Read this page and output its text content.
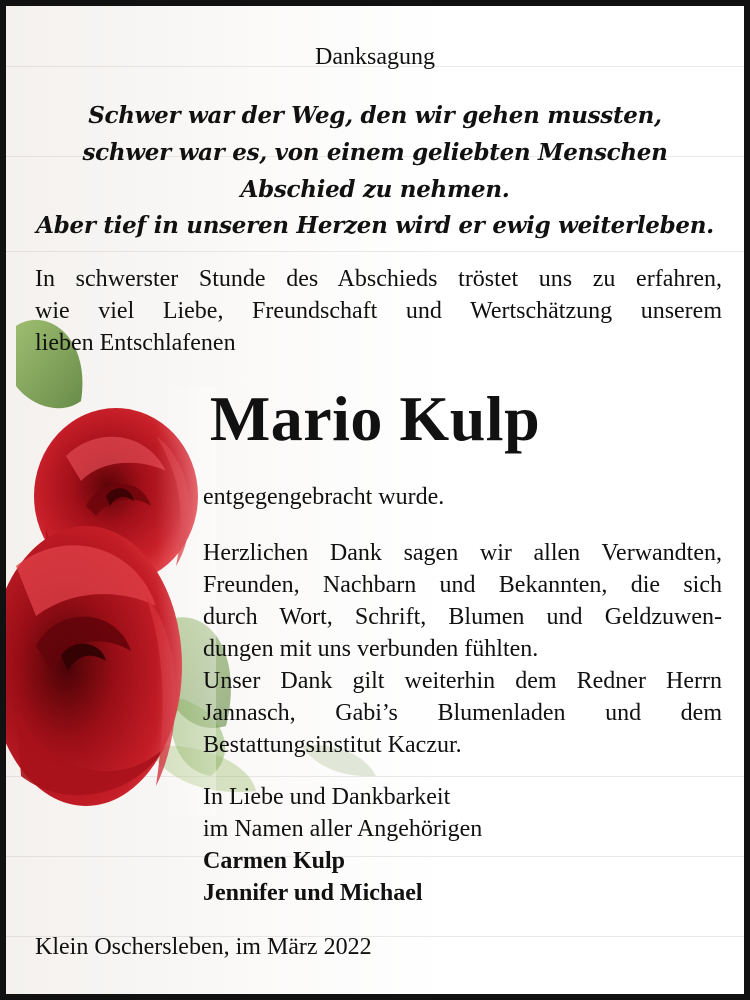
Danksagung
Schwer war der Weg, den wir gehen mussten,
schwer war es, von einem geliebten Menschen
Abschied zu nehmen.
Aber tief in unseren Herzen wird er ewig weiterleben.
In schwerster Stunde des Abschieds tröstet uns zu erfahren,
wie viel Liebe, Freundschaft und Wertschätzung unserem
lieben Entschlafenen
Mario Kulp
entgegengebracht wurde.
Herzlichen Dank sagen wir allen Verwandten,
Freunden, Nachbarn und Bekannten, die sich
durch Wort, Schrift, Blumen und Geldzuwen-
dungen mit uns verbunden fühlten.
Unser Dank gilt weiterhin dem Redner Herrn
Jannasch, Gabi’s Blumenladen und dem
Bestattungsinstitut Kaczur.
In Liebe und Dankbarkeit
im Namen aller Angehörigen
Carmen Kulp
Jennifer und Michael
Klein Oschersleben, im März 2022
